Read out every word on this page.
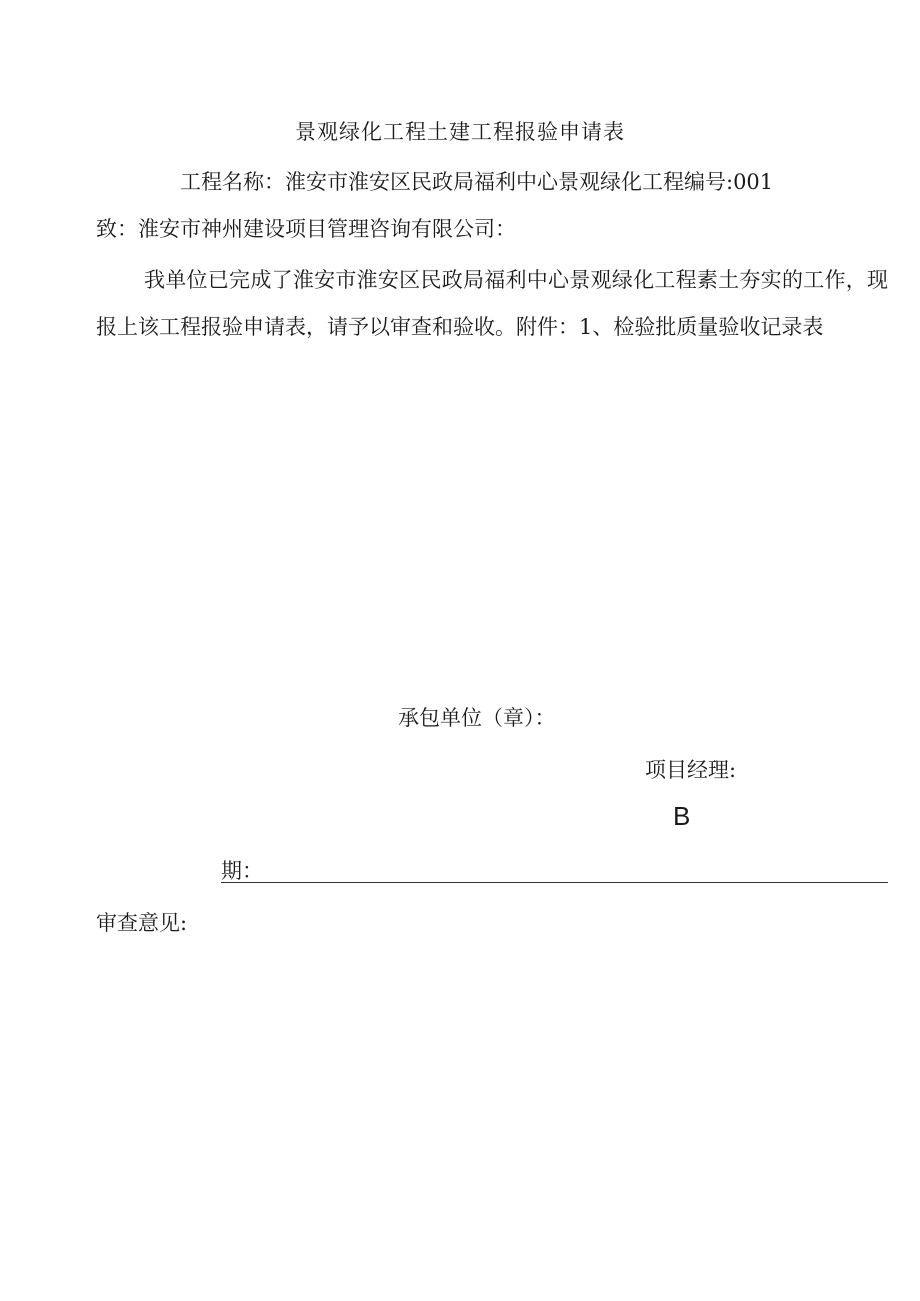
景观绿化工程土建工程报验申请表
工程名称：淮安市淮安区民政局福利中心景观绿化工程编号:001
致：淮安市神州建设项目管理咨询有限公司：
我单位已完成了淮安市淮安区民政局福利中心景观绿化工程素土夯实的工作，现报上该工程报验申请表，请予以审查和验收。附件：1、检验批质量验收记录表
承包单位（章）：
项目经理:
B
期：
审查意见:
